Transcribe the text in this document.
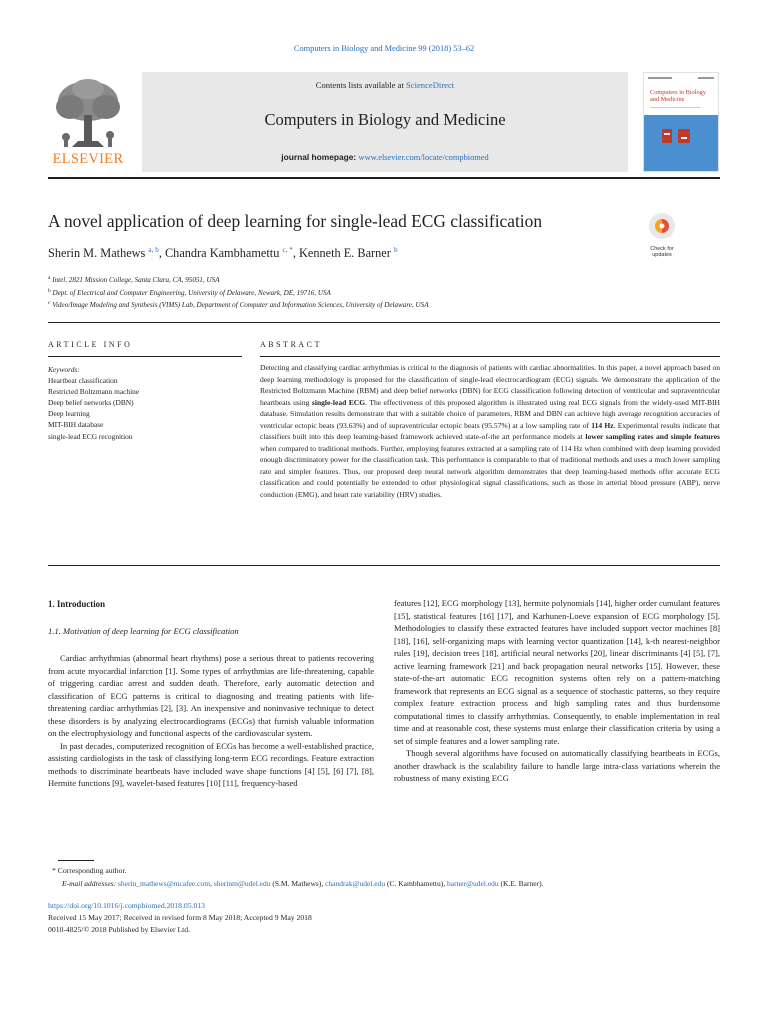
Computers in Biology and Medicine 99 (2018) 53–62
ELSEVIER
Contents lists available at ScienceDirect
Computers in Biology and Medicine
journal homepage: www.elsevier.com/locate/compbiomed
Computers in Biology
and Medicine
A novel application of deep learning for single-lead ECG classification
Check for
updates
Sherin M. Mathews $^{a, b}$, Chandra Kambhamettu $^{c, *}$, Kenneth E. Barner $^b$
$^a$ Intel, 2821 Mission College, Santa Clara, CA, 95051, USA
$^b$ Dept. of Electrical and Computer Engineering, University of Delaware, Newark, DE, 19716, USA
$^c$ Video/Image Modeling and Synthesis (VIMS) Lab, Department of Computer and Information Sciences, University of Delaware, USA
ARTICLE INFO	ABSTRACT
Keywords:
Heartbeat classification
Restricted Boltzmann machine
Deep belief networks (DBN)
Deep learning
MIT-BIH database
single-lead ECG recognition
Detecting and classifying cardiac arrhythmias is critical to the diagnosis of patients with cardiac abnormalities. In this paper, a novel approach based on deep learning methodology is proposed for the classification of single-lead electrocardiogram (ECG) signals. We demonstrate the application of the Restricted Boltzmann Machine (RBM) and deep belief networks (DBN) for ECG classification following detection of ventricular and supraventricular heartbeats using single-lead ECG. The effectiveness of this proposed algorithm is illustrated using real ECG signals from the widely-used MIT-BIH database. Simulation results demonstrate that with a suitable choice of parameters, RBM and DBN can achieve high average recognition accuracies of ventricular ectopic beats (93.63%) and of supraventricular ectopic beats (95.57%) at a low sampling rate of 114 Hz. Experimental results indicate that classifiers built into this deep learning-based framework achieved state-of-the art performance models at lower sampling rates and simple features when compared to traditional methods. Further, employing features extracted at a sampling rate of 114 Hz when combined with deep learning provided enough discriminatory power for the classification task. This performance is comparable to that of traditional methods and uses a much lower sampling rate and simpler features. Thus, our proposed deep neural network algorithm demonstrates that deep learning-based methods offer accurate ECG classification and could potentially be extended to other physiological signal classifications, such as those in arterial blood pressure (ABP), nerve conduction (EMG), and heart rate variability (HRV) studies.
1. Introduction
1.1. Motivation of deep learning for ECG classification

Cardiac arrhythmias (abnormal heart rhythms) pose a serious threat to patients recovering from acute myocardial infarction [1]. Some types of arrhythmias are life-threatening, capable of triggering cardiac arrest and sudden death. Therefore, early automatic detection and classification of ECG patterns is critical to diagnosing and treating patients with life-threatening cardiac arrhythmias [2], [3]. An inexpensive and noninvasive technique to detect these disorders is by analyzing electrocardiograms (ECGs) that furnish valuable information on the electrophysiology and functional aspects of the cardiovascular system.

In past decades, computerized recognition of ECGs has become a well-established practice, assisting cardiologists in the task of classifying long-term ECG recordings. Feature extraction methods to discriminate heartbeats have included wave shape functions [4] [5], [6] [7], [8], Hermite functions [9], wavelet-based features [10] [11], frequency-based

features [12], ECG morphology [13], hermite polynomials [14], higher order cumulant features [15], statistical features [16] [17], and Karhunen-Loeve expansion of ECG morphology [5]. Methodologies to classify these extracted features have included support vector machines [8] [18], [16], self-organizing maps with learning vector quantization [14], k-th nearest-neighbor rules [19], decision trees [18], artificial neural networks [20], linear discriminants [4] [5], [7], active learning framework [21] and back propagation neural networks [15]. However, these state-of-the-art automatic ECG recognition systems often rely on a pattern-matching framework that represents an ECG signal as a sequence of stochastic patterns, so they require complex feature extraction process and high sampling rates and thus burdensome computational times to classify arrhythmias. Consequently, to enable implementation in real time and at reasonable cost, these systems must enlarge their classification criteria by using a set of simple features and a lower sampling rate.

Though several algorithms have focused on automatically classifying heartbeats in ECGs, another drawback is the scalability failure to handle large intra-class variations wherein the robustness of many existing ECG

* Corresponding author.
E-mail addresses: sherin_mathews@mcafee.com, sherinm@udel.edu (S.M. Mathews), chandrak@udel.edu (C. Kambhamettu), barner@udel.edu (K.E. Barner).
https://doi.org/10.1016/j.compbiomed.2018.05.013
Received 15 May 2017; Received in revised form 8 May 2018; Accepted 9 May 2018
0010-4825/© 2018 Published by Elsevier Ltd.
